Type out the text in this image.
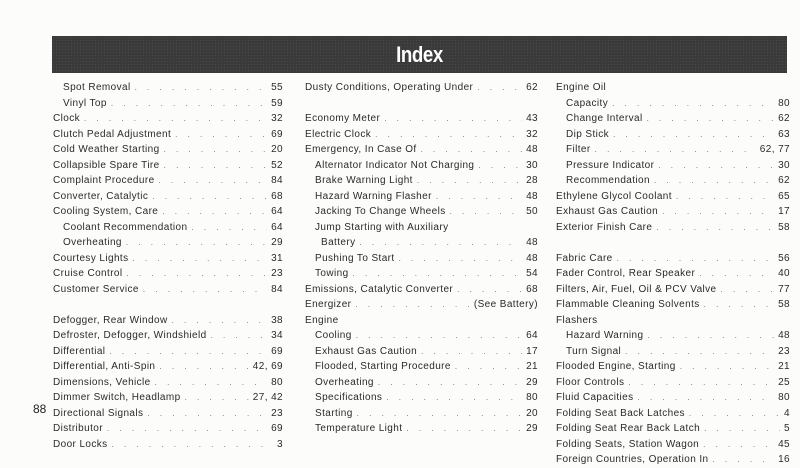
Index
Spot Removal . . .	55
Vinyl Top . . .	59
Clock . . .	32
Clutch Pedal Adjustment . . .	69
Cold Weather Starting . . .	20
Collapsible Spare Tire . . .	52
Complaint Procedure . . .	84
Converter, Catalytic . . .	68
Cooling System, Care . . .	64
Coolant Recommendation . . .	64
Overheating . . .	29
Courtesy Lights . . .	31
Cruise Control . . .	23
Customer Service . . .	84
Defogger, Rear Window . . .	38
Defroster, Defogger, Windshield . . .	34
Differential . . .	69
Differential, Anti-Spin . . .	42, 69
Dimensions, Vehicle . . .	80
Dimmer Switch, Headlamp . . .	27, 42
Directional Signals . . .	23
Distributor . . .	69
Door Locks . . .	3
Dusty Conditions, Operating Under . . .	62
Economy Meter . . .	43
Electric Clock . . .	32
Emergency, In Case Of . . .	48
Alternator Indicator Not Charging . . .	30
Brake Warning Light . . .	28
Hazard Warning Flasher . . .	48
Jacking To Change Wheels . . .	50
Jump Starting with Auxiliary
Battery . . .	48
Pushing To Start . . .	48
Towing . . .	54
Emissions, Catalytic Converter . . .	68
Energizer . . .	(See Battery)
Engine
Cooling . . .	64
Exhaust Gas Caution . . .	17
Flooded, Starting Procedure . . .	21
Overheating . . .	29
Specifications . . .	80
Starting . . .	20
Temperature Light . . .	29
Engine Oil
Capacity . . .	80
Change Interval . . .	62
Dip Stick . . .	63
Filter . . .	62, 77
Pressure Indicator . . .	30
Recommendation . . .	62
Ethylene Glycol Coolant . . .	65
Exhaust Gas Caution . . .	17
Exterior Finish Care . . .	58
Fabric Care . . .	56
Fader Control, Rear Speaker . . .	40
Filters, Air, Fuel, Oil & PCV Valve . . .	77
Flammable Cleaning Solvents . . .	58
Flashers
Hazard Warning . . .	48
Turn Signal . . .	23
Flooded Engine, Starting . . .	21
Floor Controls . . .	25
Fluid Capacities . . .	80
Folding Seat Back Latches . . .	4
Folding Seat Rear Back Latch . . .	5
Folding Seats, Station Wagon . . .	45
Foreign Countries, Operation In . . .	16
88
